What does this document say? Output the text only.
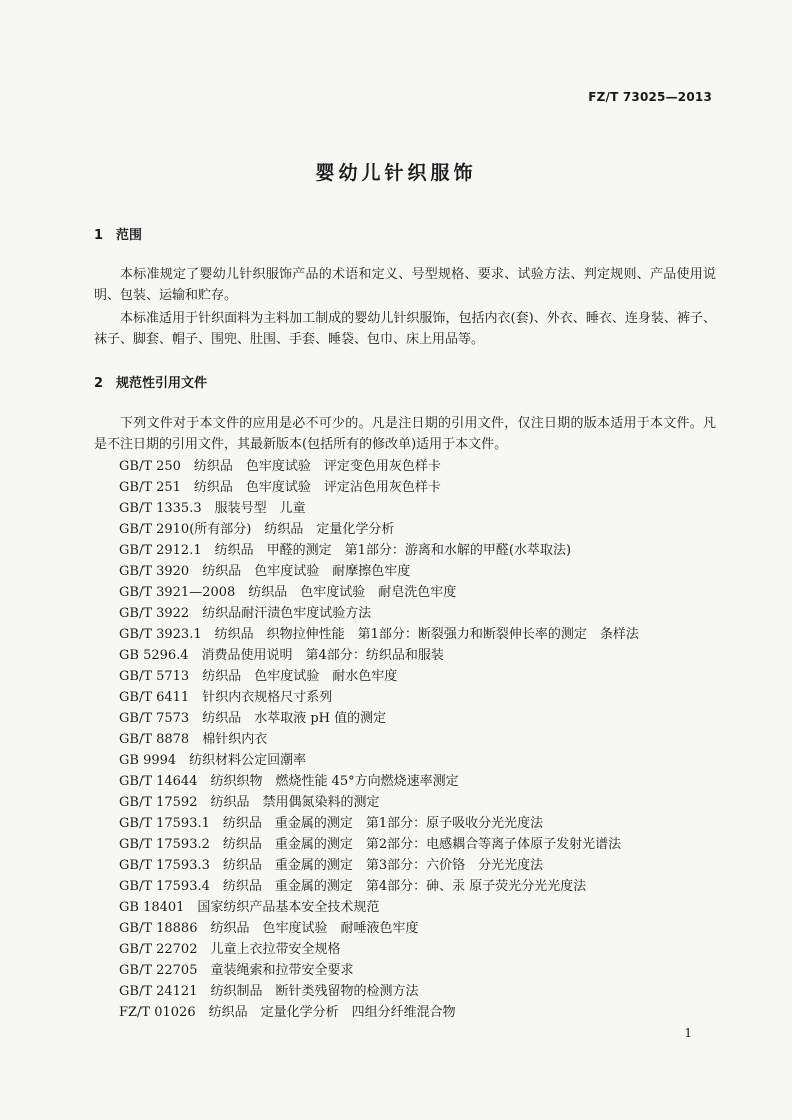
FZ/T 73025—2013
婴幼儿针织服饰
1 范围

本标准规定了婴幼儿针织服饰产品的术语和定义、号型规格、要求、试验方法、判定规则、产品使用说明、包装、运输和贮存。

本标准适用于针织面料为主料加工制成的婴幼儿针织服饰，包括内衣(套)、外衣、睡衣、连身装、裤子、袜子、脚套、帽子、围兜、肚围、手套、睡袋、包巾、床上用品等。

2 规范性引用文件

下列文件对于本文件的应用是必不可少的。凡是注日期的引用文件，仅注日期的版本适用于本文件。凡是不注日期的引用文件，其最新版本(包括所有的修改单)适用于本文件。

GB/T 250　纺织品　色牢度试验　评定变色用灰色样卡
GB/T 251　纺织品　色牢度试验　评定沾色用灰色样卡
GB/T 1335.3　服装号型　儿童
GB/T 2910(所有部分)　纺织品　定量化学分析
GB/T 2912.1　纺织品　甲醛的测定　第1部分：游离和水解的甲醛(水萃取法)
GB/T 3920　纺织品　色牢度试验　耐摩擦色牢度
GB/T 3921—2008　纺织品　色牢度试验　耐皂洗色牢度
GB/T 3922　纺织品耐汗渍色牢度试验方法
GB/T 3923.1　纺织品　织物拉伸性能　第1部分：断裂强力和断裂伸长率的测定　条样法
GB 5296.4　消费品使用说明　第4部分：纺织品和服装
GB/T 5713　纺织品　色牢度试验　耐水色牢度
GB/T 6411　针织内衣规格尺寸系列
GB/T 7573　纺织品　水萃取液 pH 值的测定
GB/T 8878　棉针织内衣
GB 9994　纺织材料公定回潮率
GB/T 14644　纺织织物　燃烧性能 45°方向燃烧速率测定
GB/T 17592　纺织品　禁用偶氮染料的测定
GB/T 17593.1　纺织品　重金属的测定　第1部分：原子吸收分光光度法
GB/T 17593.2　纺织品　重金属的测定　第2部分：电感耦合等离子体原子发射光谱法
GB/T 17593.3　纺织品　重金属的测定　第3部分：六价铬　分光光度法
GB/T 17593.4　纺织品　重金属的测定　第4部分：砷、汞 原子荧光分光光度法
GB 18401　国家纺织产品基本安全技术规范
GB/T 18886　纺织品　色牢度试验　耐唾液色牢度
GB/T 22702　儿童上衣拉带安全规格
GB/T 22705　童装绳索和拉带安全要求
GB/T 24121　纺织制品　断针类残留物的检测方法
FZ/T 01026　纺织品　定量化学分析　四组分纤维混合物
1
